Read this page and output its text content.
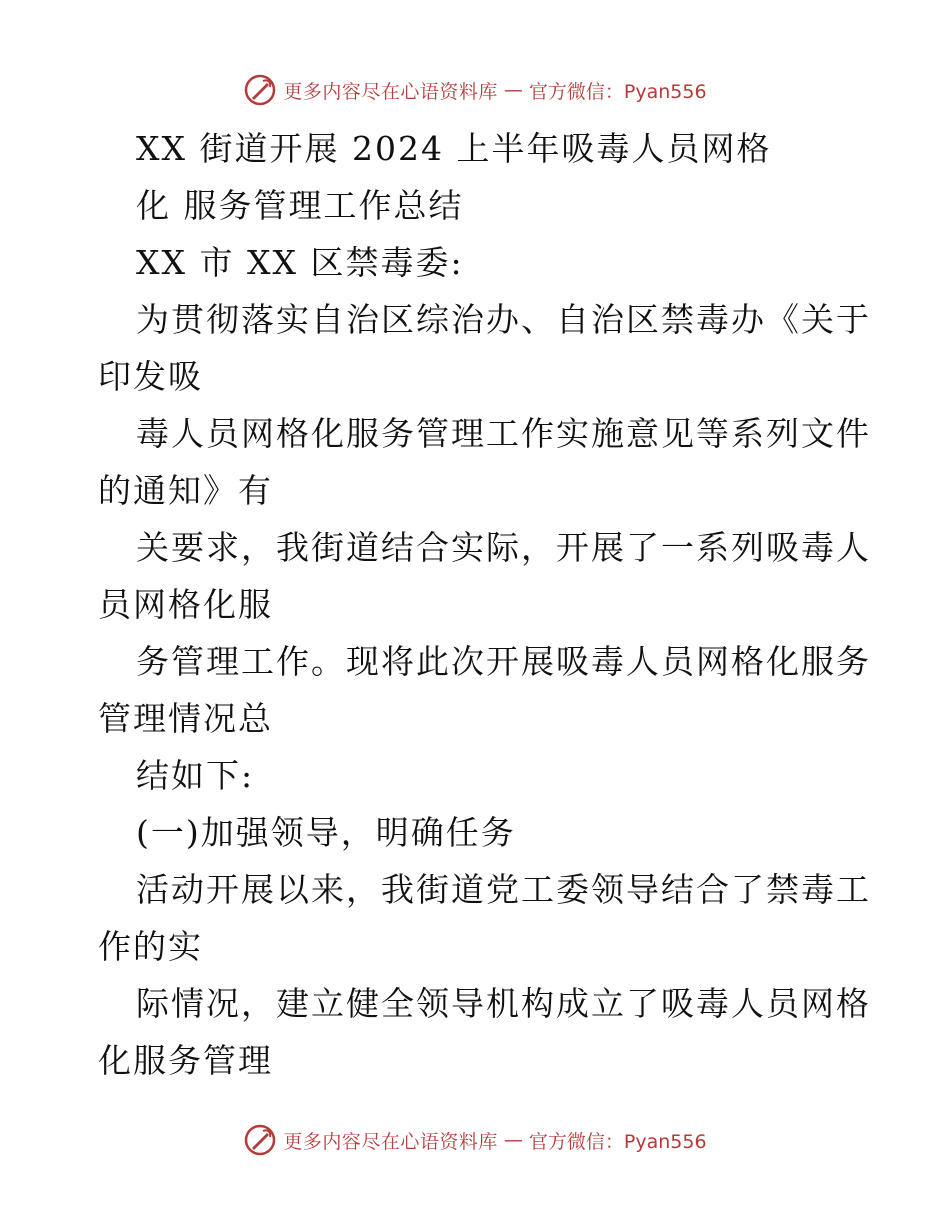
更多内容尽在心语资料库 — 官方微信：Pyan556
XX 街道开展 2024 上半年吸毒人员网格
化 服务管理工作总结
XX 市 XX 区禁毒委:
为贯彻落实自治区综治办、自治区禁毒办《关于
印发吸
毒人员网格化服务管理工作实施意见等系列文件
的通知》有
关要求，我街道结合实际，开展了一系列吸毒人
员网格化服
务管理工作。现将此次开展吸毒人员网格化服务
管理情况总
结如下:
(一)加强领导，明确任务
活动开展以来，我街道党工委领导结合了禁毒工
作的实
际情况，建立健全领导机构成立了吸毒人员网格
化服务管理
更多内容尽在心语资料库 — 官方微信：Pyan556
